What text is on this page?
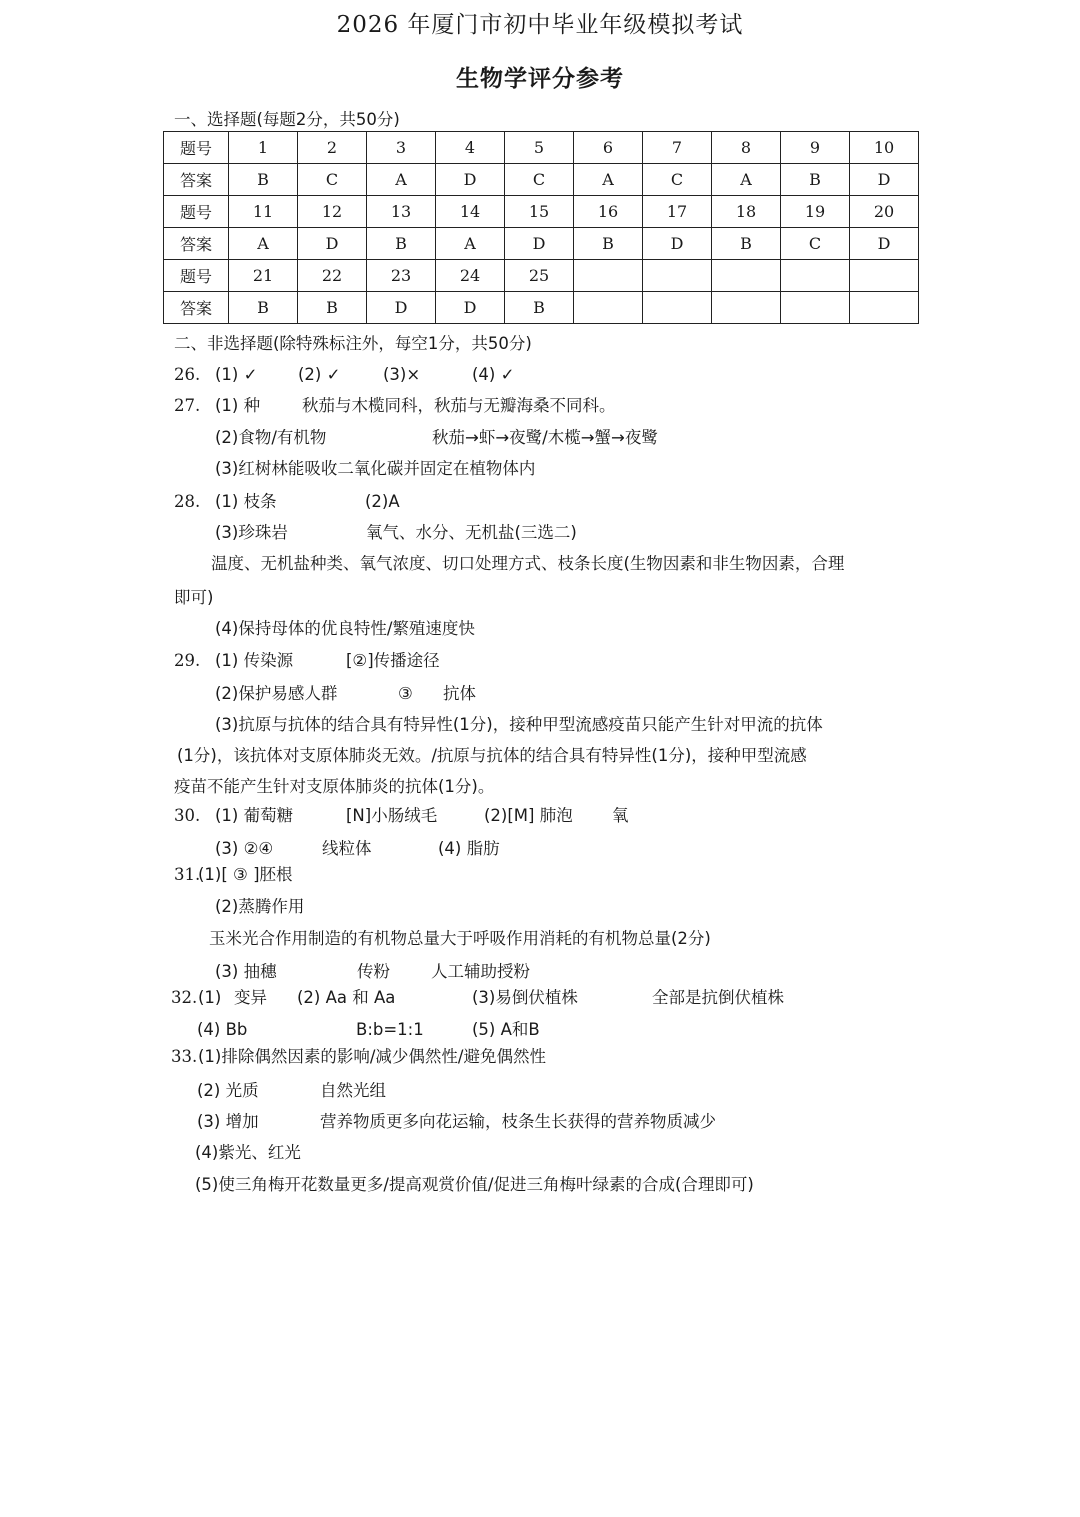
2026 年厦门市初中毕业年级模拟考试
生物学评分参考
一、选择题(每题2分，共50分)
题号	1	2	3	4	5	6	7	8	9	10
答案	B	C	A	D	C	A	C	A	B	D
题号	11	12	13	14	15	16	17	18	19	20
答案	A	D	B	A	D	B	D	B	C	D
题号	21	22	23	24	25					
答案	B	B	D	D	B					
二、非选择题(除特殊标注外，每空1分，共50分)
26. (1) ✓ (2) ✓	(3)×	(4) ✓
27. (1) 种	秋茄与木榄同科，秋茄与无瓣海桑不同科。
(2)食物/有机物	秋茄→虾→夜鹭/木榄→蟹→夜鹭
(3)红树林能吸收二氧化碳并固定在植物体内
28. (1) 枝条	(2)A
(3)珍珠岩	氧气、水分、无机盐(三选二)
温度、无机盐种类、氧气浓度、切口处理方式、枝条长度(生物因素和非生物因素，合理
即可)
(4)保持母体的优良特性/繁殖速度快
29. (1) 传染源	[②]传播途径
(2)保护易感人群	③ 抗体
(3)抗原与抗体的结合具有特异性(1分)，接种甲型流感疫苗只能产生针对甲流的抗体
(1分)，该抗体对支原体肺炎无效。/抗原与抗体的结合具有特异性(1分)，接种甲型流感
疫苗不能产生针对支原体肺炎的抗体(1分)。
30. (1) 葡萄糖	[N]小肠绒毛	(2)[M] 肺泡 氧
(3) ②④	线粒体	(4) 脂肪
31.
(1)[ ③ ]胚根
(2)蒸腾作用
玉米光合作用制造的有机物总量大于呼吸作用消耗的有机物总量(2分)
(3) 抽穗	传粉 人工辅助授粉
32. (1) 变异 (2) Aa 和 Aa	(3)易倒伏植株	全部是抗倒伏植株
(4) Bb	B:b=1:1	(5) A和B
33. (1)排除偶然因素的影响/减少偶然性/避免偶然性
(2) 光质	自然光组
(3) 增加	营养物质更多向花运输，枝条生长获得的营养物质减少
(4)紫光、红光
(5)使三角梅开花数量更多/提高观赏价值/促进三角梅叶绿素的合成(合理即可)
